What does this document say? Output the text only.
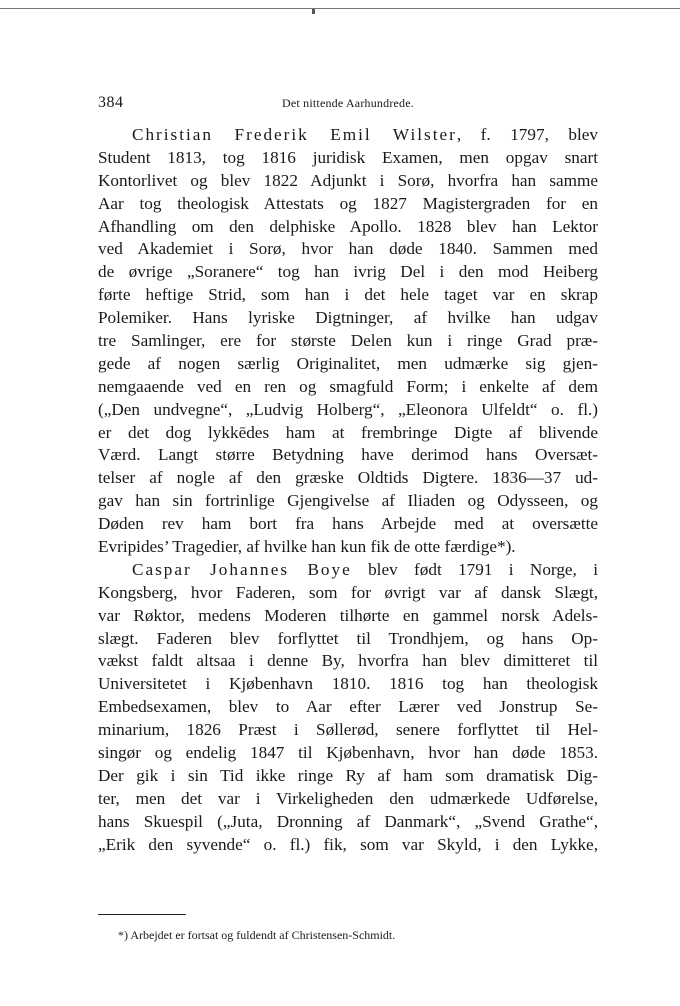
384	Det nittende Aarhundrede.
Christian Frederik Emil Wilster, f. 1797, blev
Student 1813, tog 1816 juridisk Examen, men opgav snart
Kontorlivet og blev 1822 Adjunkt i Sorø, hvorfra han samme
Aar tog theologisk Attestats og 1827 Magistergraden for en
Afhandling om den delphiske Apollo. 1828 blev han Lektor
ved Akademiet i Sorø, hvor han døde 1840. Sammen med
de øvrige „Soranere“ tog han ivrig Del i den mod Heiberg
førte heftige Strid, som han i det hele taget var en skrap
Polemiker. Hans lyriske Digtninger, af hvilke han udgav
tre Samlinger, ere for største Delen kun i ringe Grad præ-
gede af nogen særlig Originalitet, men udmærke sig gjen-
nemgaaende ved en ren og smagfuld Form; i enkelte af dem
(„Den undvegne“, „Ludvig Holberg“, „Eleonora Ulfeldt“ o. fl.)
er det dog lykkēdes ham at frembringe Digte af blivende
Værd. Langt større Betydning have derimod hans Oversæt-
telser af nogle af den græske Oldtids Digtere. 1836—37 ud-
gav han sin fortrinlige Gjengivelse af Iliaden og Odysseen, og
Døden rev ham bort fra hans Arbejde med at oversætte
Evripides’ Tragedier, af hvilke han kun fik de otte færdige*).
Caspar Johannes Boye blev født 1791 i Norge, i
Kongsberg, hvor Faderen, som for øvrigt var af dansk Slægt,
var Røktor, medens Moderen tilhørte en gammel norsk Adels-
slægt. Faderen blev forflyttet til Trondhjem, og hans Op-
vækst faldt altsaa i denne By, hvorfra han blev dimitteret til
Universitetet i Kjøbenhavn 1810. 1816 tog han theologisk
Embedsexamen, blev to Aar efter Lærer ved Jonstrup Se-
minarium, 1826 Præst i Søllerød, senere forflyttet til Hel-
singør og endelig 1847 til Kjøbenhavn, hvor han døde 1853.
Der gik i sin Tid ikke ringe Ry af ham som dramatisk Dig-
ter, men det var i Virkeligheden den udmærkede Udførelse,
hans Skuespil („Juta, Dronning af Danmark“, „Svend Grathe“,
„Erik den syvende“ o. fl.) fik, som var Skyld, i den Lykke,
*) Arbejdet er fortsat og fuldendt af Christensen-Schmidt.
